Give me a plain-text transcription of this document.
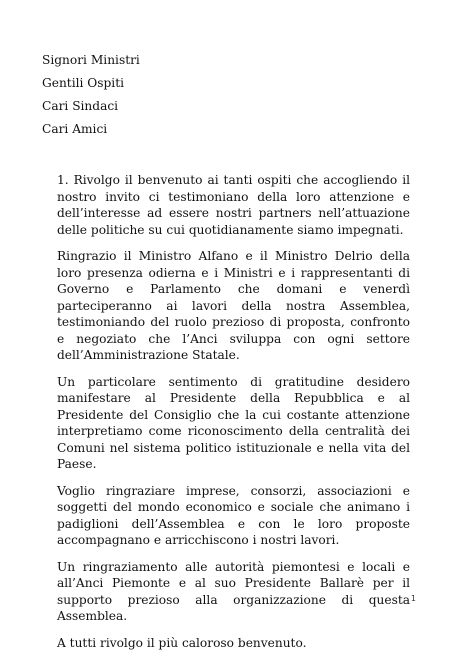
Signori Ministri
Gentili Ospiti
Cari Sindaci
Cari Amici

1. Rivolgo il benvenuto ai tanti ospiti che accogliendo il nostro invito ci testimoniano della loro attenzione e dell’interesse ad essere nostri partners nell’attuazione delle politiche su cui quotidianamente siamo impegnati.

Ringrazio il Ministro Alfano e il Ministro Delrio della loro presenza odierna e i Ministri e i rappresentanti di Governo e Parlamento che domani e venerdì parteciperanno ai lavori della nostra Assemblea, testimoniando del ruolo prezioso di proposta, confronto e negoziato che l’Anci sviluppa con ogni settore dell’Amministrazione Statale.

Un particolare sentimento di gratitudine desidero manifestare al Presidente della Repubblica e al Presidente del Consiglio che la cui costante attenzione interpretiamo come riconoscimento della centralità dei Comuni nel sistema politico istituzionale e nella vita del Paese.

Voglio ringraziare imprese, consorzi, associazioni e soggetti del mondo economico e sociale che animano i padiglioni dell’Assemblea e con le loro proposte accompagnano e arricchiscono i nostri lavori.

Un ringraziamento alle autorità piemontesi e locali e all’Anci Piemonte e al suo Presidente Ballarè per il supporto prezioso alla organizzazione di questa Assemblea.

A tutti rivolgo il più caloroso benvenuto.

1
